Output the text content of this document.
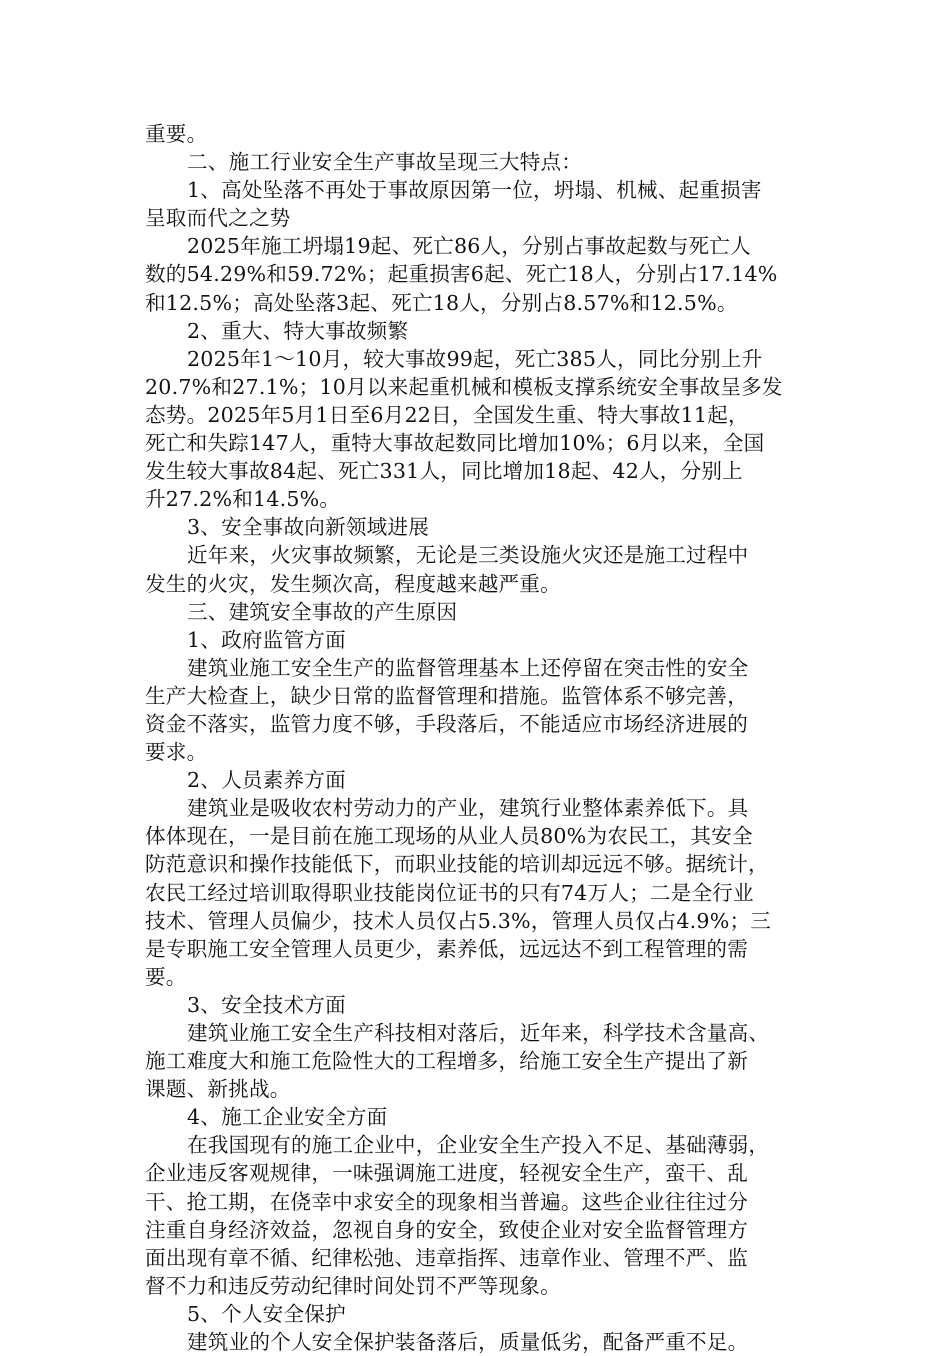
重要。
二、施工行业安全生产事故呈现三大特点：
1、高处坠落不再处于事故原因第一位，坍塌、机械、起重损害
呈取而代之之势
2025年施工坍塌19起、死亡86人，分别占事故起数与死亡人
数的54.29%和59.72%；起重损害6起、死亡18人，分别占17.14%
和12.5%；高处坠落3起、死亡18人，分别占8.57%和12.5%。
2、重大、特大事故频繁
2025年1～10月，较大事故99起，死亡385人，同比分别上升
20.7%和27.1%；10月以来起重机械和模板支撑系统安全事故呈多发
态势。2025年5月1日至6月22日，全国发生重、特大事故11起，
死亡和失踪147人，重特大事故起数同比增加10%；6月以来，全国
发生较大事故84起、死亡331人，同比增加18起、42人，分别上
升27.2%和14.5%。
3、安全事故向新领域进展
近年来，火灾事故频繁，无论是三类设施火灾还是施工过程中
发生的火灾，发生频次高，程度越来越严重。
三、建筑安全事故的产生原因
1、政府监管方面
建筑业施工安全生产的监督管理基本上还停留在突击性的安全
生产大检查上，缺少日常的监督管理和措施。监管体系不够完善，
资金不落实，监管力度不够，手段落后，不能适应市场经济进展的
要求。
2、人员素养方面
建筑业是吸收农村劳动力的产业，建筑行业整体素养低下。具
体体现在，一是目前在施工现场的从业人员80%为农民工，其安全
防范意识和操作技能低下，而职业技能的培训却远远不够。据统计，
农民工经过培训取得职业技能岗位证书的只有74万人；二是全行业
技术、管理人员偏少，技术人员仅占5.3%，管理人员仅占4.9%；三
是专职施工安全管理人员更少，素养低，远远达不到工程管理的需
要。
3、安全技术方面
建筑业施工安全生产科技相对落后，近年来，科学技术含量高、
施工难度大和施工危险性大的工程增多，给施工安全生产提出了新
课题、新挑战。
4、施工企业安全方面
在我国现有的施工企业中，企业安全生产投入不足、基础薄弱，
企业违反客观规律，一味强调施工进度，轻视安全生产，蛮干、乱
干、抢工期，在侥幸中求安全的现象相当普遍。这些企业往往过分
注重自身经济效益，忽视自身的安全，致使企业对安全监督管理方
面出现有章不循、纪律松弛、违章指挥、违章作业、管理不严、监
督不力和违反劳动纪律时间处罚不严等现象。
5、个人安全保护
建筑业的个人安全保护装备落后，质量低劣，配备严重不足。
